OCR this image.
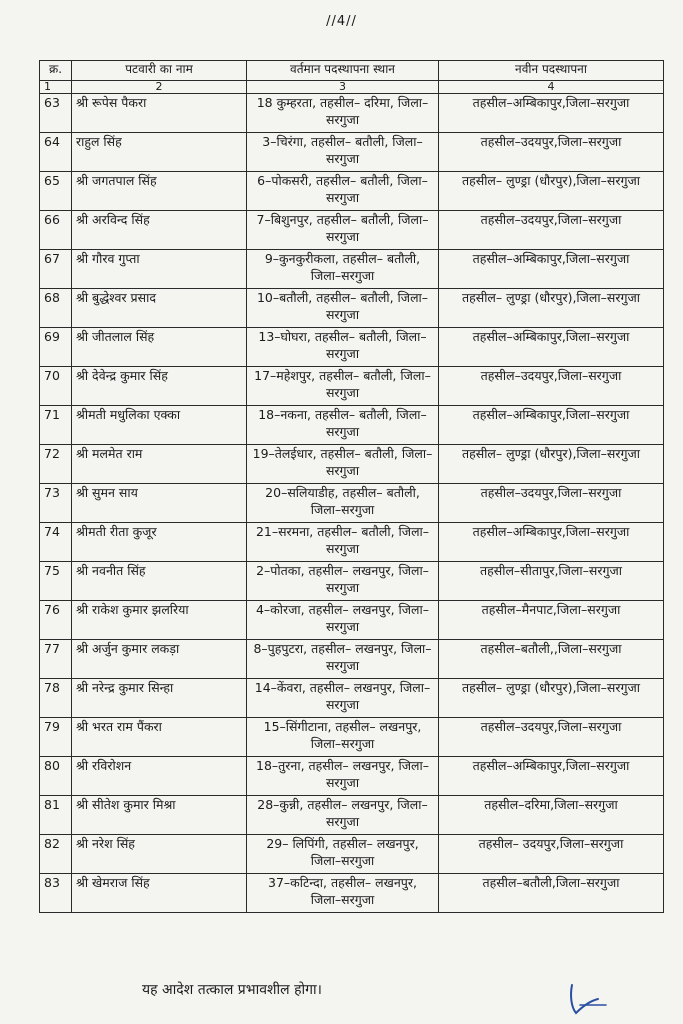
//4//
क्र.	पटवारी का नाम	वर्तमान पदस्थापना स्थान	नवीन पदस्थापना
1	2	3	4
63	श्री रूपेस पैकरा	18 कुम्हरता, तहसील– दरिमा, जिला–सरगुजा	तहसील–अम्बिकापुर,जिला–सरगुजा
64	राहुल सिंह	3–चिरंगा, तहसील– बतौली, जिला–सरगुजा	तहसील–उदयपुर,जिला–सरगुजा
65	श्री जगतपाल सिंह	6–पोकसरी, तहसील– बतौली, जिला–सरगुजा	तहसील– लुण्ड्रा (धौरपुर),जिला–सरगुजा
66	श्री अरविन्द सिंह	7–बिशुनपुर, तहसील– बतौली, जिला–सरगुजा	तहसील–उदयपुर,जिला–सरगुजा
67	श्री गौरव गुप्ता	9–कुनकुरीकला, तहसील– बतौली, जिला–सरगुजा	तहसील–अम्बिकापुर,जिला–सरगुजा
68	श्री बुद्धेश्वर प्रसाद	10–बतौली, तहसील– बतौली, जिला–सरगुजा	तहसील– लुण्ड्रा (धौरपुर),जिला–सरगुजा
69	श्री जीतलाल सिंह	13–घोघरा, तहसील– बतौली, जिला–सरगुजा	तहसील–अम्बिकापुर,जिला–सरगुजा
70	श्री देवेन्द्र कुमार सिंह	17–महेशपुर, तहसील– बतौली, जिला–सरगुजा	तहसील–उदयपुर,जिला–सरगुजा
71	श्रीमती मधुलिका एक्का	18–नकना, तहसील– बतौली, जिला–सरगुजा	तहसील–अम्बिकापुर,जिला–सरगुजा
72	श्री मलमेत राम	19–तेलईधार, तहसील– बतौली, जिला–सरगुजा	तहसील– लुण्ड्रा (धौरपुर),जिला–सरगुजा
73	श्री सुमन साय	20–सलियाडीह, तहसील– बतौली, जिला–सरगुजा	तहसील–उदयपुर,जिला–सरगुजा
74	श्रीमती रीता कुजूर	21–सरमना, तहसील– बतौली, जिला–सरगुजा	तहसील–अम्बिकापुर,जिला–सरगुजा
75	श्री नवनीत सिंह	2–पोतका, तहसील– लखनपुर, जिला–सरगुजा	तहसील–सीतापुर,जिला–सरगुजा
76	श्री राकेश कुमार झलरिया	4–कोरजा, तहसील– लखनपुर, जिला–सरगुजा	तहसील–मैनपाट,जिला–सरगुजा
77	श्री अर्जुन कुमार लकड़ा	8–पुहपुटरा, तहसील– लखनपुर, जिला–सरगुजा	तहसील–बतौली,,जिला–सरगुजा
78	श्री नरेन्द्र कुमार सिन्हा	14–केंवरा, तहसील– लखनपुर, जिला–सरगुजा	तहसील– लुण्ड्रा (धौरपुर),जिला–सरगुजा
79	श्री भरत राम पैंकरा	15–सिंगीटाना, तहसील– लखनपुर, जिला–सरगुजा	तहसील–उदयपुर,जिला–सरगुजा
80	श्री रविरोशन	18–तुरना, तहसील– लखनपुर, जिला–सरगुजा	तहसील–अम्बिकापुर,जिला–सरगुजा
81	श्री सीतेश कुमार मिश्रा	28–कुन्नी, तहसील– लखनपुर, जिला– सरगुजा	तहसील–दरिमा,जिला–सरगुजा
82	श्री नरेश सिंह	29– लिपिंगी, तहसील– लखनपुर, जिला–सरगुजा	तहसील– उदयपुर,जिला–सरगुजा
83	श्री खेमराज सिंह	37–कटिन्दा, तहसील– लखनपुर, जिला–सरगुजा	तहसील–बतौली,जिला–सरगुजा
यह आदेश तत्काल प्रभावशील होगा।
